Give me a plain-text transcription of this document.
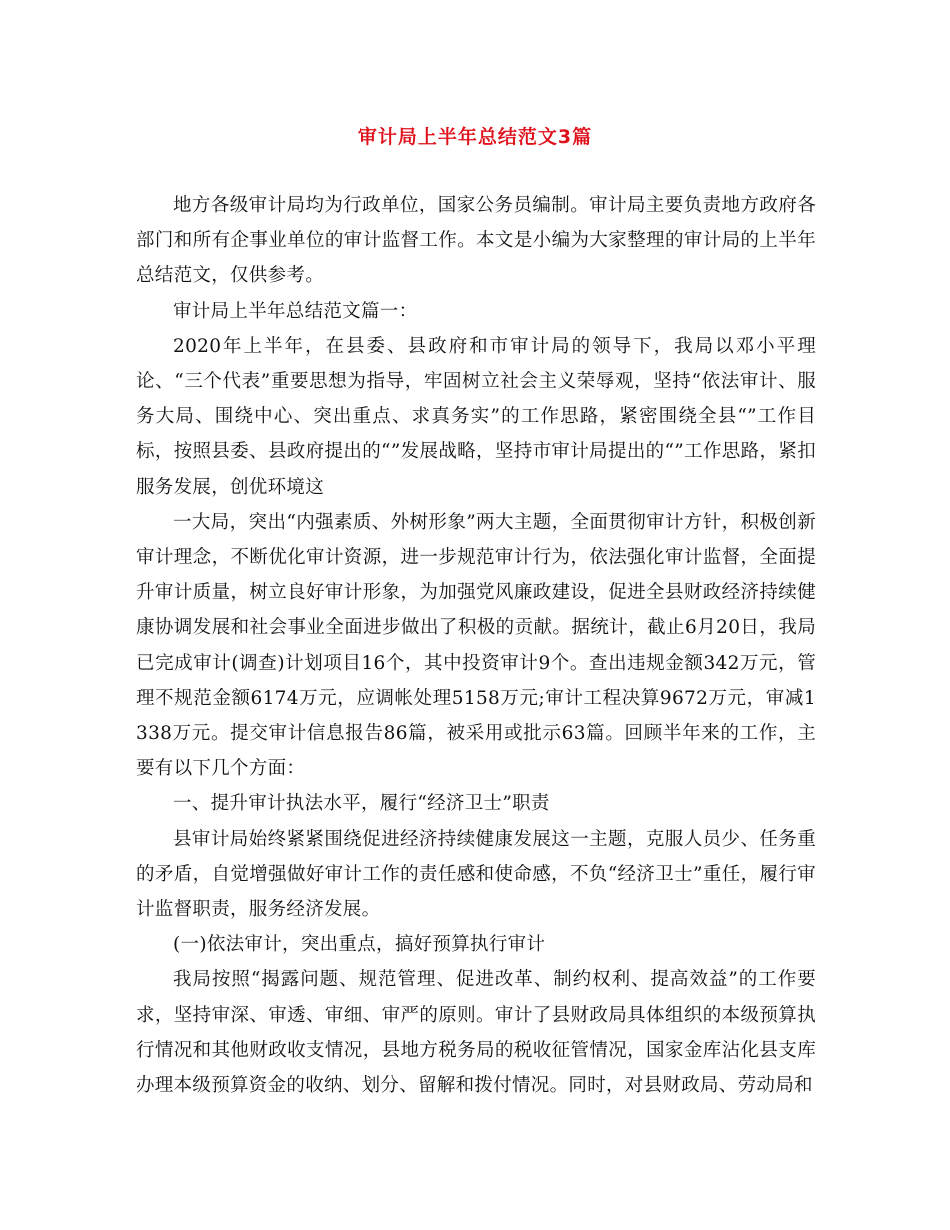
审计局上半年总结范文3篇

地方各级审计局均为行政单位，国家公务员编制。审计局主要负责地方政府各部门和所有企事业单位的审计监督工作。本文是小编为大家整理的审计局的上半年总结范文，仅供参考。

审计局上半年总结范文篇一：

2020年上半年，在县委、县政府和市审计局的领导下，我局以邓小平理论、“三个代表”重要思想为指导，牢固树立社会主义荣辱观，坚持“依法审计、服务大局、围绕中心、突出重点、求真务实”的工作思路，紧密围绕全县“”工作目标，按照县委、县政府提出的“”发展战略，坚持市审计局提出的“”工作思路，紧扣服务发展，创优环境这

一大局，突出“内强素质、外树形象”两大主题，全面贯彻审计方针，积极创新审计理念，不断优化审计资源，进一步规范审计行为，依法强化审计监督，全面提升审计质量，树立良好审计形象，为加强党风廉政建设，促进全县财政经济持续健康协调发展和社会事业全面进步做出了积极的贡献。据统计，截止6月20日，我局已完成审计(调查)计划项目16个，其中投资审计9个。查出违规金额342万元，管理不规范金额6174万元，应调帐处理5158万元;审计工程决算9672万元，审减1338万元。提交审计信息报告86篇，被采用或批示63篇。回顾半年来的工作，主要有以下几个方面：

一、提升审计执法水平，履行“经济卫士”职责

县审计局始终紧紧围绕促进经济持续健康发展这一主题，克服人员少、任务重的矛盾，自觉增强做好审计工作的责任感和使命感，不负“经济卫士”重任，履行审计监督职责，服务经济发展。

(一)依法审计，突出重点，搞好预算执行审计

我局按照“揭露问题、规范管理、促进改革、制约权利、提高效益”的工作要求，坚持审深、审透、审细、审严的原则。审计了县财政局具体组织的本级预算执行情况和其他财政收支情况，县地方税务局的税收征管情况，国家金库沾化县支库办理本级预算资金的收纳、划分、留解和拨付情况。同时，对县财政局、劳动局和
